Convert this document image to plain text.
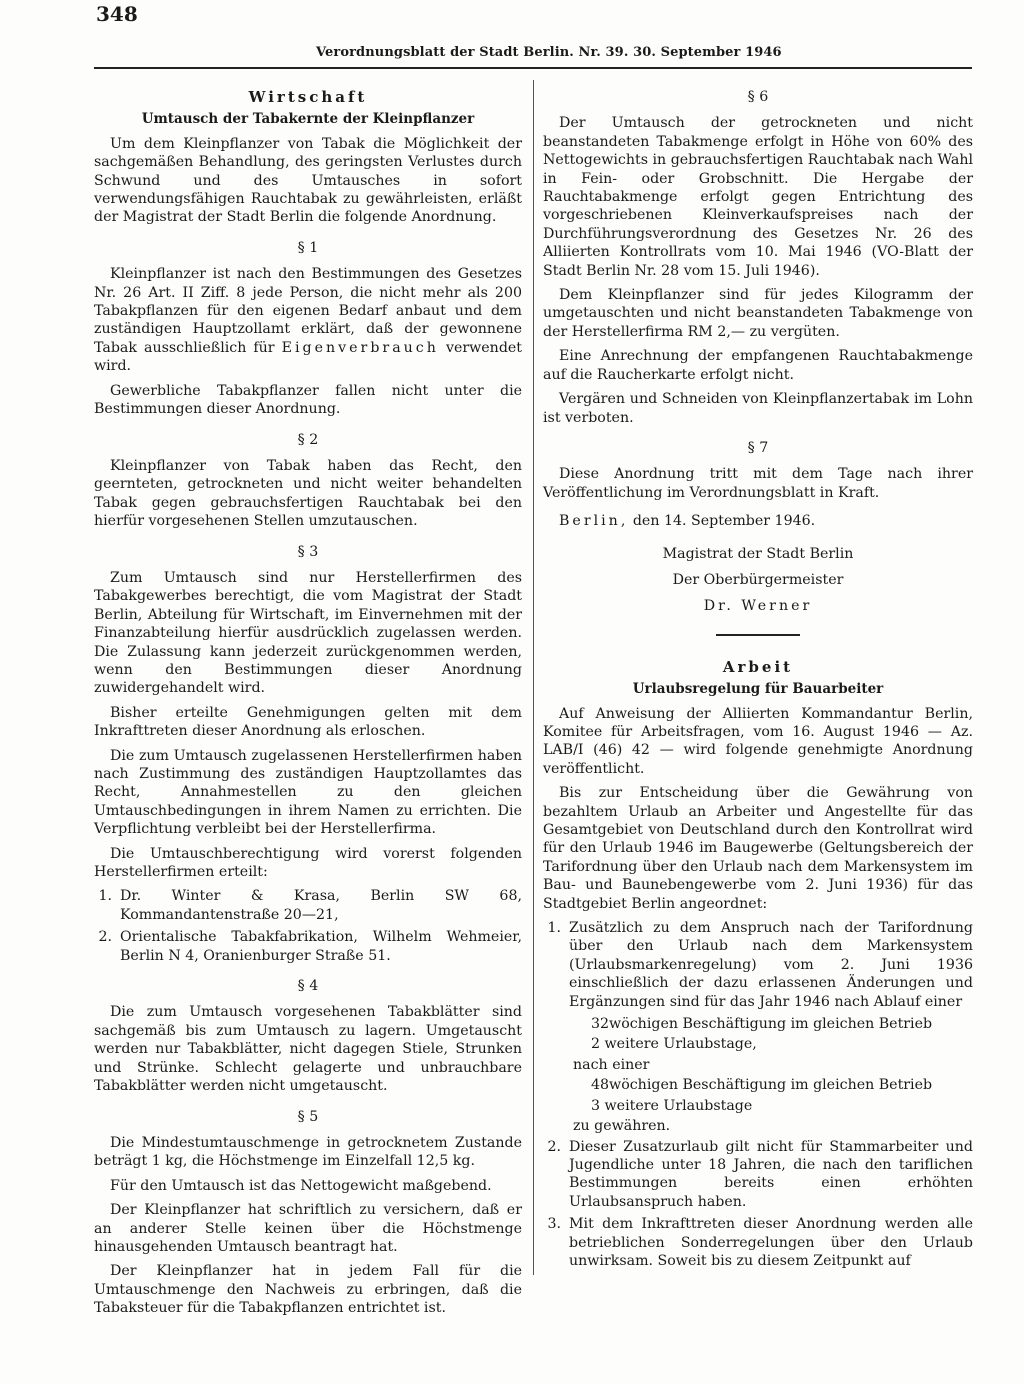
348
Verordnungsblatt der Stadt Berlin. Nr. 39. 30. September 1946
Wirtschaft
Umtausch der Tabakernte der Kleinpflanzer

Um dem Kleinpflanzer von Tabak die Möglichkeit der sachgemäßen Behandlung, des geringsten Verlustes durch Schwund und des Umtausches in sofort verwendungsfähigen Rauchtabak zu gewährleisten, erläßt der Magistrat der Stadt Berlin die folgende Anordnung.

§ 1

Kleinpflanzer ist nach den Bestimmungen des Gesetzes Nr. 26 Art. II Ziff. 8 jede Person, die nicht mehr als 200 Tabakpflanzen für den eigenen Bedarf anbaut und dem zuständigen Hauptzollamt erklärt, daß der gewonnene Tabak ausschließlich für Eigenverbrauch verwendet wird.

Gewerbliche Tabakpflanzer fallen nicht unter die Bestimmungen dieser Anordnung.

§ 2

Kleinpflanzer von Tabak haben das Recht, den geernteten, getrockneten und nicht weiter behandelten Tabak gegen gebrauchsfertigen Rauchtabak bei den hierfür vorgesehenen Stellen umzutauschen.

§ 3

Zum Umtausch sind nur Herstellerfirmen des Tabakgewerbes berechtigt, die vom Magistrat der Stadt Berlin, Abteilung für Wirtschaft, im Einvernehmen mit der Finanzabteilung hierfür ausdrücklich zugelassen werden. Die Zulassung kann jederzeit zurückgenommen werden, wenn den Bestimmungen dieser Anordnung zuwidergehandelt wird.

Bisher erteilte Genehmigungen gelten mit dem Inkrafttreten dieser Anordnung als erloschen.

Die zum Umtausch zugelassenen Herstellerfirmen haben nach Zustimmung des zuständigen Hauptzollamtes das Recht, Annahmestellen zu den gleichen Umtauschbedingungen in ihrem Namen zu errichten. Die Verpflichtung verbleibt bei der Herstellerfirma.

Die Umtauschberechtigung wird vorerst folgenden Herstellerfirmen erteilt:

1. Dr. Winter & Krasa, Berlin SW 68, Kommandantenstraße 20—21,

2. Orientalische Tabakfabrikation, Wilhelm Wehmeier, Berlin N 4, Oranienburger Straße 51.

§ 4

Die zum Umtausch vorgesehenen Tabakblätter sind sachgemäß bis zum Umtausch zu lagern. Umgetauscht werden nur Tabakblätter, nicht dagegen Stiele, Strunken und Strünke. Schlecht gelagerte und unbrauchbare Tabakblätter werden nicht umgetauscht.

§ 5

Die Mindestumtauschmenge in getrocknetem Zustande beträgt 1 kg, die Höchstmenge im Einzelfall 12,5 kg.

Für den Umtausch ist das Nettogewicht maßgebend.

Der Kleinpflanzer hat schriftlich zu versichern, daß er an anderer Stelle keinen über die Höchstmenge hinausgehenden Umtausch beantragt hat.

Der Kleinpflanzer hat in jedem Fall für die Umtauschmenge den Nachweis zu erbringen, daß die Tabaksteuer für die Tabakpflanzen entrichtet ist.

§ 6

Der Umtausch der getrockneten und nicht beanstandeten Tabakmenge erfolgt in Höhe von 60% des Nettogewichts in gebrauchsfertigen Rauchtabak nach Wahl in Fein- oder Grobschnitt. Die Hergabe der Rauchtabakmenge erfolgt gegen Entrichtung des vorgeschriebenen Kleinverkaufspreises nach der Durchführungsverordnung des Gesetzes Nr. 26 des Alliierten Kontrollrats vom 10. Mai 1946 (VO-Blatt der Stadt Berlin Nr. 28 vom 15. Juli 1946).

Dem Kleinpflanzer sind für jedes Kilogramm der umgetauschten und nicht beanstandeten Tabakmenge von der Herstellerfirma RM 2,— zu vergüten.

Eine Anrechnung der empfangenen Rauchtabakmenge auf die Raucherkarte erfolgt nicht.

Vergären und Schneiden von Kleinpflanzertabak im Lohn ist verboten.

§ 7

Diese Anordnung tritt mit dem Tage nach ihrer Veröffentlichung im Verordnungsblatt in Kraft.

Berlin, den 14. September 1946.

Magistrat der Stadt Berlin

Der Oberbürgermeister

Dr. Werner

Arbeit
Urlaubsregelung für Bauarbeiter

Auf Anweisung der Alliierten Kommandantur Berlin, Komitee für Arbeitsfragen, vom 16. August 1946 — Az. LAB/I (46) 42 — wird folgende genehmigte Anordnung veröffentlicht.

Bis zur Entscheidung über die Gewährung von bezahltem Urlaub an Arbeiter und Angestellte für das Gesamtgebiet von Deutschland durch den Kontrollrat wird für den Urlaub 1946 im Baugewerbe (Geltungsbereich der Tarifordnung über den Urlaub nach dem Markensystem im Bau- und Baunebengewerbe vom 2. Juni 1936) für das Stadtgebiet Berlin angeordnet:

1. Zusätzlich zu dem Anspruch nach der Tarifordnung über den Urlaub nach dem Markensystem (Urlaubsmarkenregelung) vom 2. Juni 1936 einschließlich der dazu erlassenen Änderungen und Ergänzungen sind für das Jahr 1946 nach Ablauf einer

32wöchigen Beschäftigung im gleichen Betrieb

2 weitere Urlaubstage,

nach einer

48wöchigen Beschäftigung im gleichen Betrieb

3 weitere Urlaubstage

zu gewähren.

2. Dieser Zusatzurlaub gilt nicht für Stammarbeiter und Jugendliche unter 18 Jahren, die nach den tariflichen Bestimmungen bereits einen erhöhten Urlaubsanspruch haben.

3. Mit dem Inkrafttreten dieser Anordnung werden alle betrieblichen Sonderregelungen über den Urlaub unwirksam. Soweit bis zu diesem Zeitpunkt auf
